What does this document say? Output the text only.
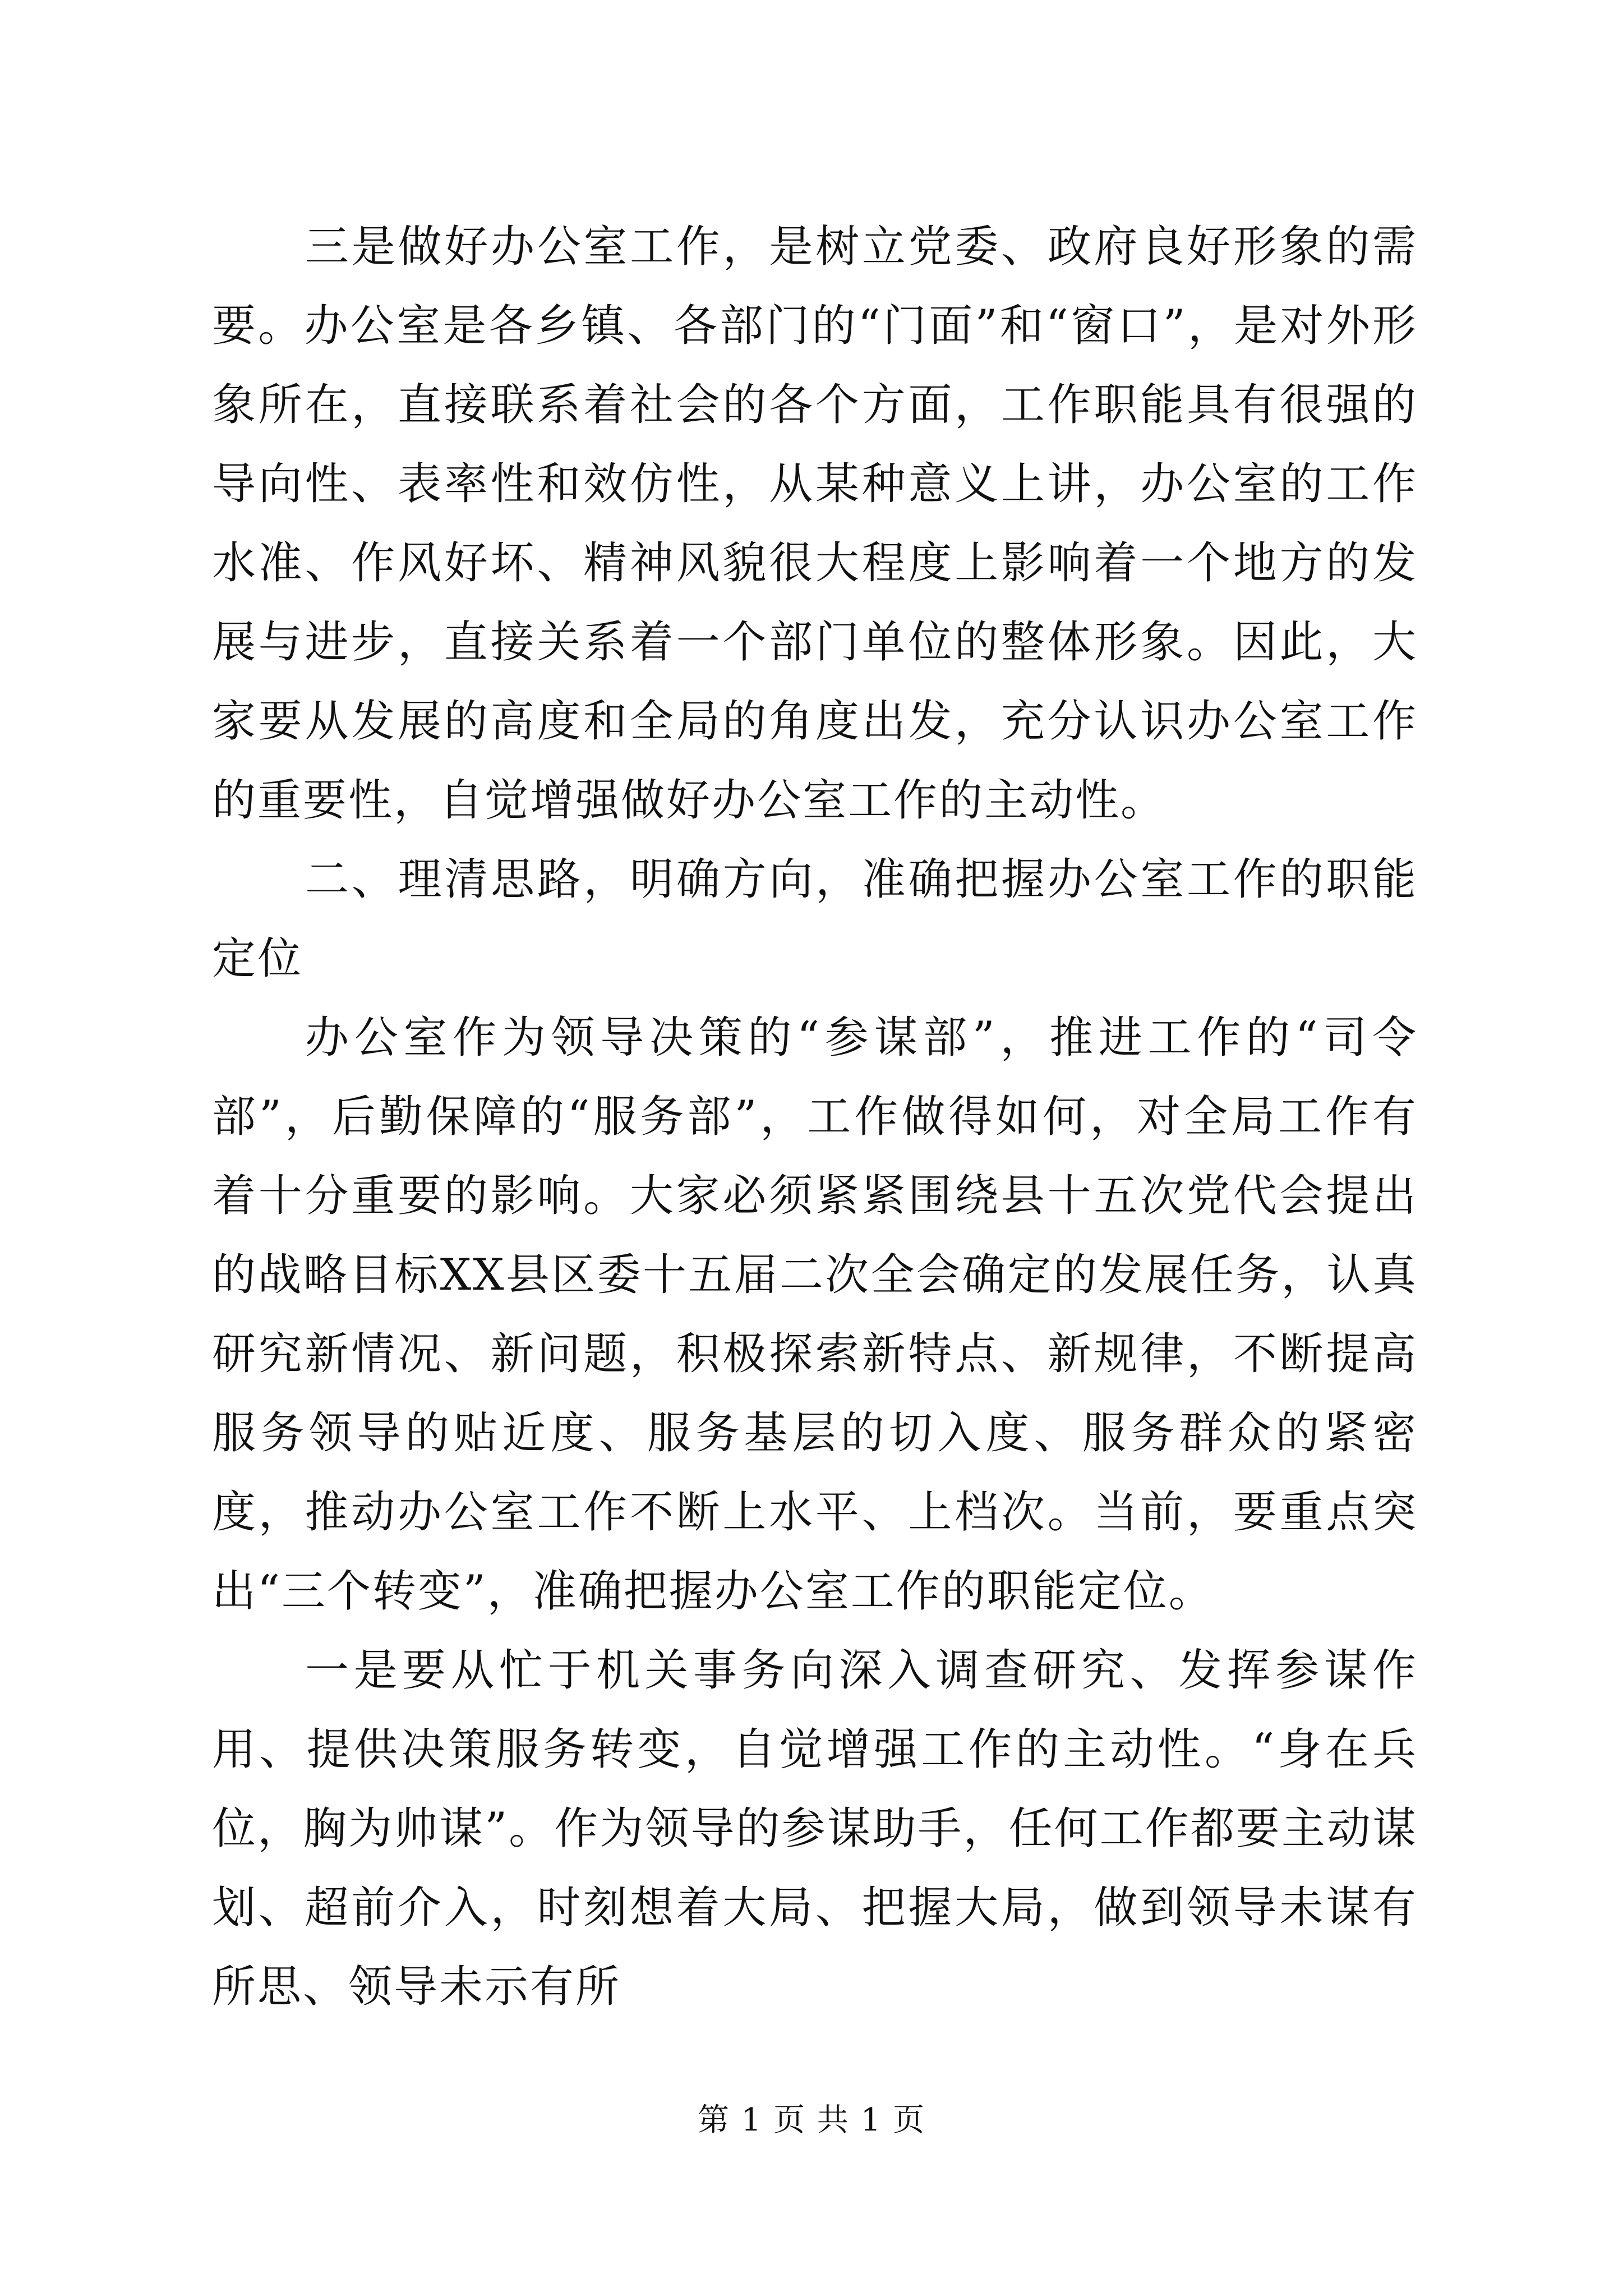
三是做好办公室工作，是树立党委、政府良好形象的需要。办公室是各乡镇、各部门的“门面”和“窗口”，是对外形象所在，直接联系着社会的各个方面，工作职能具有很强的导向性、表率性和效仿性，从某种意义上讲，办公室的工作水准、作风好坏、精神风貌很大程度上影响着一个地方的发展与进步，直接关系着一个部门单位的整体形象。因此，大家要从发展的高度和全局的角度出发，充分认识办公室工作的重要性，自觉增强做好办公室工作的主动性。

二、理清思路，明确方向，准确把握办公室工作的职能定位

办公室作为领导决策的“参谋部”，推进工作的“司令部”，后勤保障的“服务部”，工作做得如何，对全局工作有着十分重要的影响。大家必须紧紧围绕县十五次党代会提出的战略目标XX县区委十五届二次全会确定的发展任务，认真研究新情况、新问题，积极探索新特点、新规律，不断提高服务领导的贴近度、服务基层的切入度、服务群众的紧密度，推动办公室工作不断上水平、上档次。当前，要重点突出“三个转变”，准确把握办公室工作的职能定位。

一是要从忙于机关事务向深入调查研究、发挥参谋作用、提供决策服务转变，自觉增强工作的主动性。“身在兵位，胸为帅谋”。作为领导的参谋助手，任何工作都要主动谋划、超前介入，时刻想着大局、把握大局，做到领导未谋有所思、领导未示有所

第 1 页 共 1 页
